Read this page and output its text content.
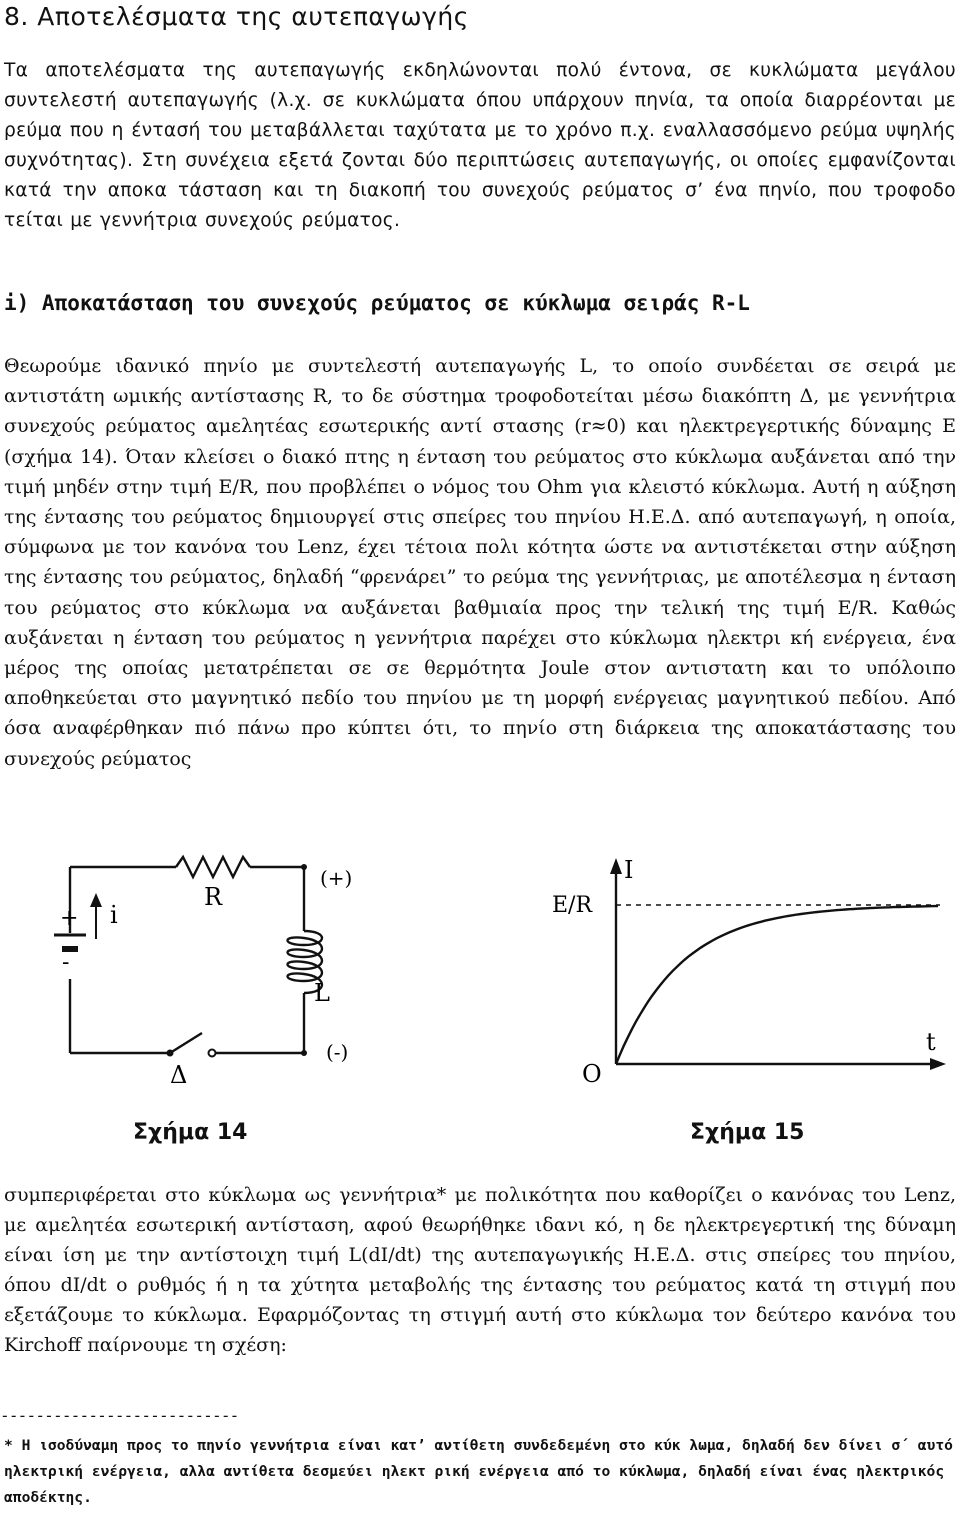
8. Αποτελέσματα της αυτεπαγωγής

Τα αποτελέσματα της αυτεπαγωγής εκδηλώνονται πολύ έντονα, σε κυκλώματα μεγάλου συντελεστή αυτεπαγωγής (λ.χ. σε κυκλώματα όπου υπάρχουν πηνία, τα οποία διαρρέονται με ρεύμα που η έντασή του μεταβάλλεται ταχύτατα με το χρόνο π.χ. εναλλασσόμενο ρεύμα υψηλής συχνότητας). Στη συνέχεια εξετά ζονται δύο περιπτώσεις αυτεπαγωγής, οι οποίες εμφανίζονται κατά την αποκα τάσταση και τη διακοπή του συνεχούς ρεύματος σ’ ένα πηνίο, που τροφοδο τείται με γεννήτρια συνεχούς ρεύματος.

i) Αποκατάσταση του συνεχούς ρεύματος σε κύκλωμα σειράς R-L

Θεωρούμε ιδανικό πηνίο με συντελεστή αυτεπαγωγής L, το οποίο συνδέεται σε σειρά με αντιστάτη ωμικής αντίστασης R, το δε σύστημα τροφοδοτείται μέσω διακόπτη Δ, με γεννήτρια συνεχούς ρεύματος αμελητέας εσωτερικής αντί στασης (r≈0) και ηλεκτρεγερτικής δύναμης E (σχήμα 14). Όταν κλείσει ο διακό πτης η ένταση του ρεύματος στο κύκλωμα αυξάνεται από την τιμή μηδέν στην τιμή E/R, που προβλέπει ο νόμος του Ohm για κλειστό κύκλωμα. Αυτή η αύξηση της έντασης του ρεύματος δημιουργεί στις σπείρες του πηνίου Η.Ε.Δ. από αυτεπαγωγή, η οποία, σύμφωνα με τον κανόνα του Lenz, έχει τέτοια πολι κότητα ώστε να αντιστέκεται στην αύξηση της έντασης του ρεύματος, δηλαδή “φρενάρει” το ρεύμα της γεννήτριας, με αποτέλεσμα η ένταση του ρεύματος στο κύκλωμα να αυξάνεται βαθμιαία προς την τελική της τιμή E/R. Καθώς αυξάνεται η ένταση του ρεύματος η γεννήτρια παρέχει στο κύκλωμα ηλεκτρι κή ενέργεια, ένα μέρος της οποίας μετατρέπεται σε σε θερμότητα Joule στον αντιστατη και το υπόλοιπο αποθηκεύεται στο μαγνητικό πεδίο του πηνίου με τη μορφή ενέργειας μαγνητικού πεδίου. Από όσα αναφέρθηκαν πιό πάνω προ κύπτει ότι, το πηνίο στη διάρκεια της αποκατάστασης του συνεχούς ρεύματος

i
R
L
(+)
(-)
Δ
+
-
I
t
E/R
O
Σχήμα 14	Σχήμα 15

συμπεριφέρεται στο κύκλωμα ως γεννήτρια* με πολικότητα που καθορίζει ο κανόνας του Lenz, με αμελητέα εσωτερική αντίσταση, αφού θεωρήθηκε ιδανι κό, η δε ηλεκτρεγερτική της δύναμη είναι ίση με την αντίστοιχη τιμή L(dI/dt) της αυτεπαγωγικής Η.Ε.Δ. στις σπείρες του πηνίου, όπου dI/dt ο ρυθμός ή η τα χύτητα μεταβολής της έντασης του ρεύματος κατά τη στιγμή που εξετάζουμε το κύκλωμα. Εφαρμόζοντας τη στιγμή αυτή στο κύκλωμα τον δεύτερο κανόνα του Kirchoff παίρνουμε τη σχέση:

---------------------------

* Η ισοδύναμη προς το πηνίο γεννήτρια είναι κατ’ αντίθετη συνδεδεμένη στο κύκ λωμα, δηλαδή δεν δίνει σ΄ αυτό ηλεκτρική ενέργεια, αλλα αντίθετα δεσμεύει ηλεκτ ρική ενέργεια από το κύκλωμα, δηλαδή είναι ένας ηλεκτρικός αποδέκτης.
